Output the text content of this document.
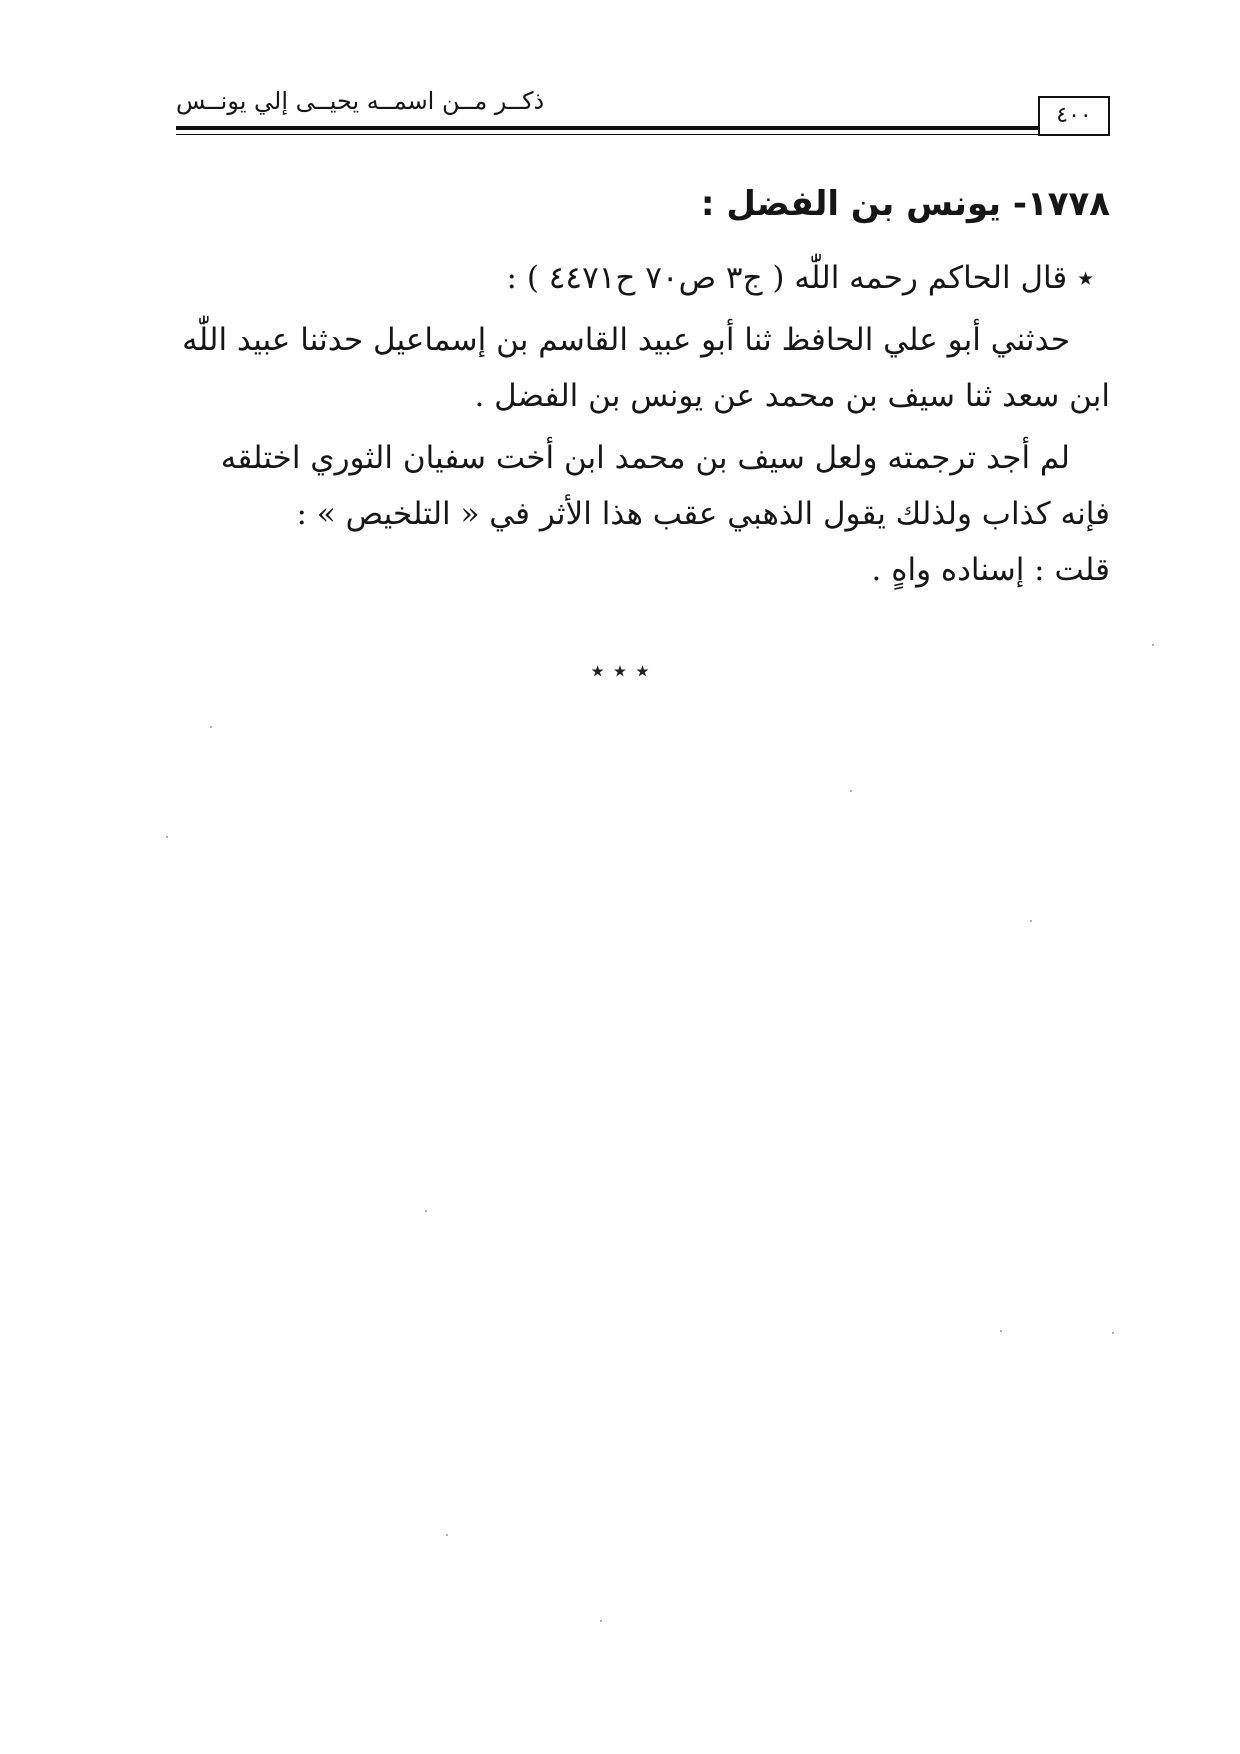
٤٠٠
ذكــر مــن اسمــه يحيــى إلي يونــس
١٧٧٨- يونس بن الفضل :

٭ قال الحاكم رحمه اللّٰه ( ج٣ ص٧٠ ح٤٤٧١ ) :

حدثني أبو علي الحافظ ثنا أبو عبيد القاسم بن إسماعيل حدثنا عبيد اللّٰه
ابن سعد ثنا سيف بن محمد عن يونس بن الفضل .

لم أجد ترجمته ولعل سيف بن محمد ابن أخت سفيان الثوري اختلقه
فإنه كذاب ولذلك يقول الذهبي عقب هذا الأثر في « التلخيص » :
قلت : إسناده واهٍ .

٭ ٭ ٭
